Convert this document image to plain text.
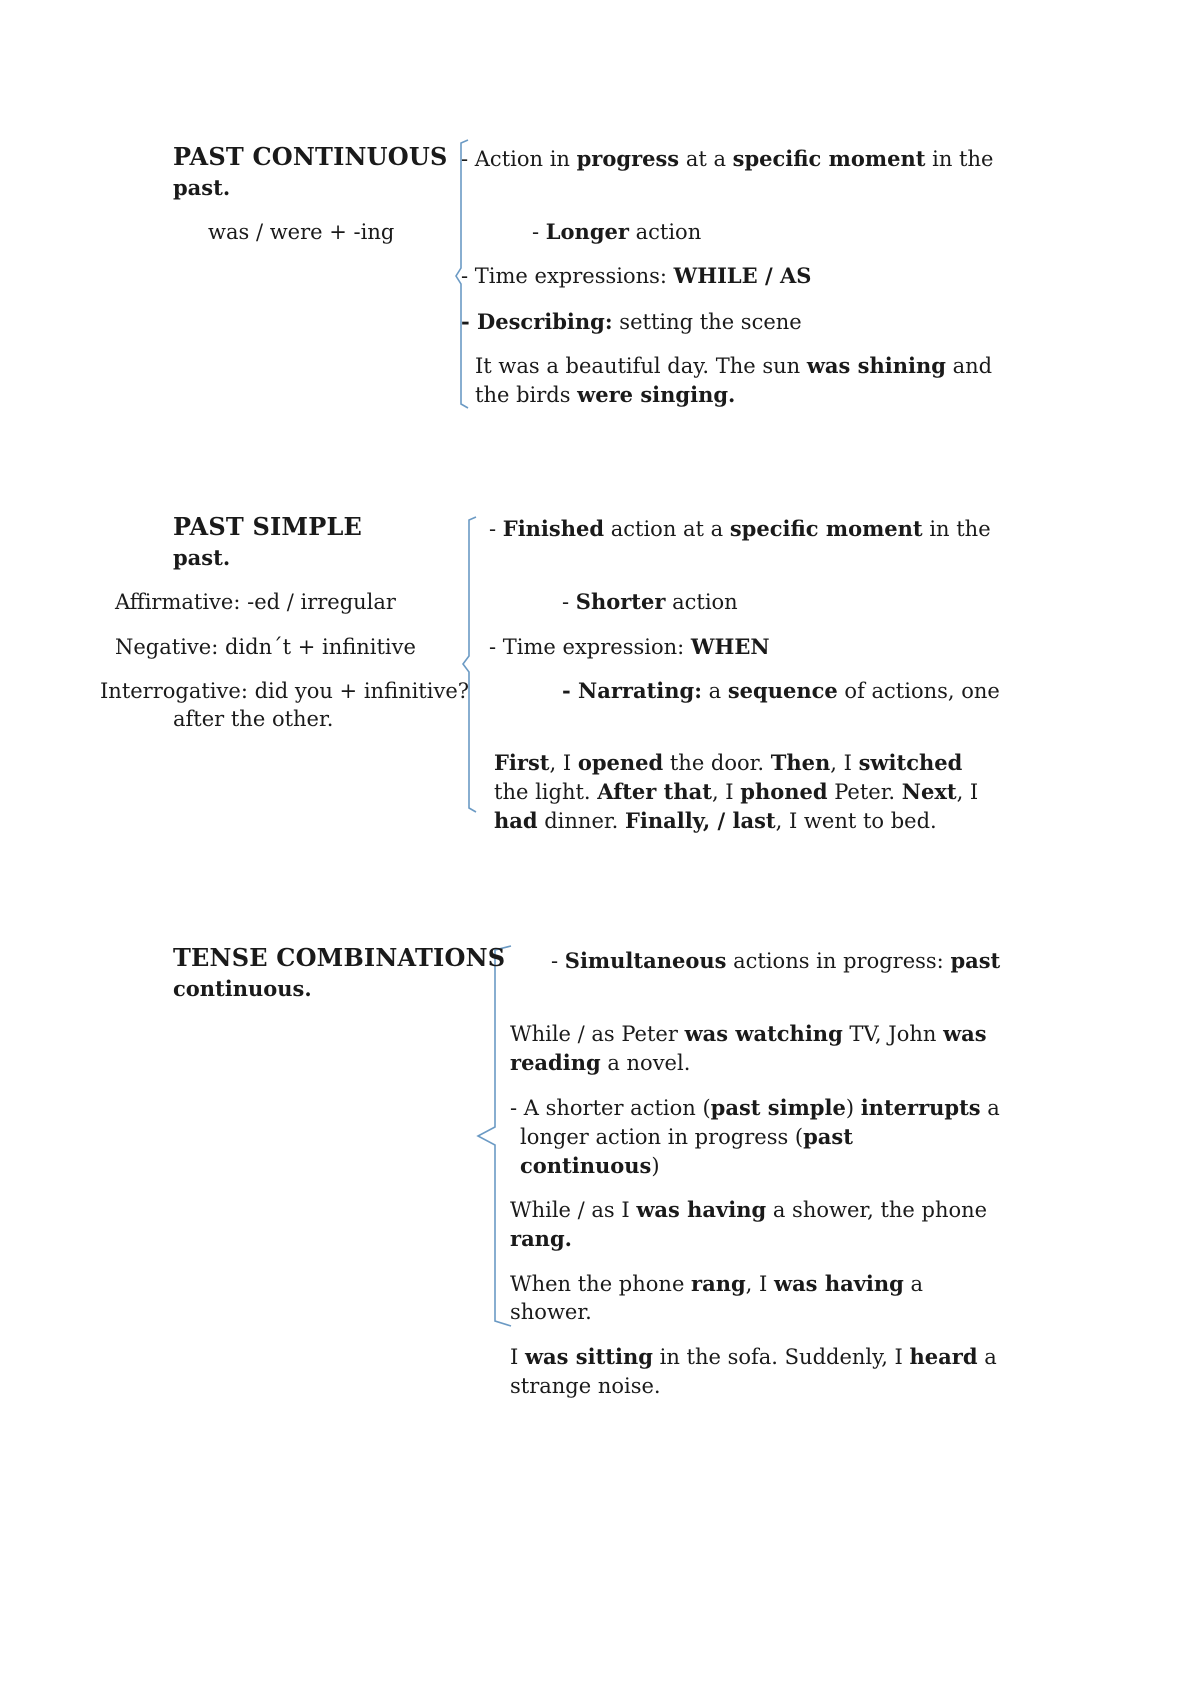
PAST CONTINUOUS
past.
was / were + -ing
- Action in progress at a specific moment in the
- Longer action
- Time expressions: WHILE / AS
- Describing: setting the scene
It was a beautiful day. The sun was shining and
the birds were singing.
PAST SIMPLE
past.
Affirmative: -ed / irregular
Negative: didn´t + infinitive
Interrogative: did you + infinitive?
after the other.
- Finished action at a specific moment in the
- Shorter action
- Time expression: WHEN
- Narrating: a sequence of actions, one
First, I opened the door. Then, I switched
the light. After that, I phoned Peter. Next, I
had dinner. Finally, / last, I went to bed.
TENSE COMBINATIONS
continuous.
- Simultaneous actions in progress: past
While / as Peter was watching TV, John was
reading a novel.
- A shorter action (past simple) interrupts a
longer action in progress (past
continuous)
While / as I was having a shower, the phone
rang.
When the phone rang, I was having a
shower.
I was sitting in the sofa. Suddenly, I heard a
strange noise.
